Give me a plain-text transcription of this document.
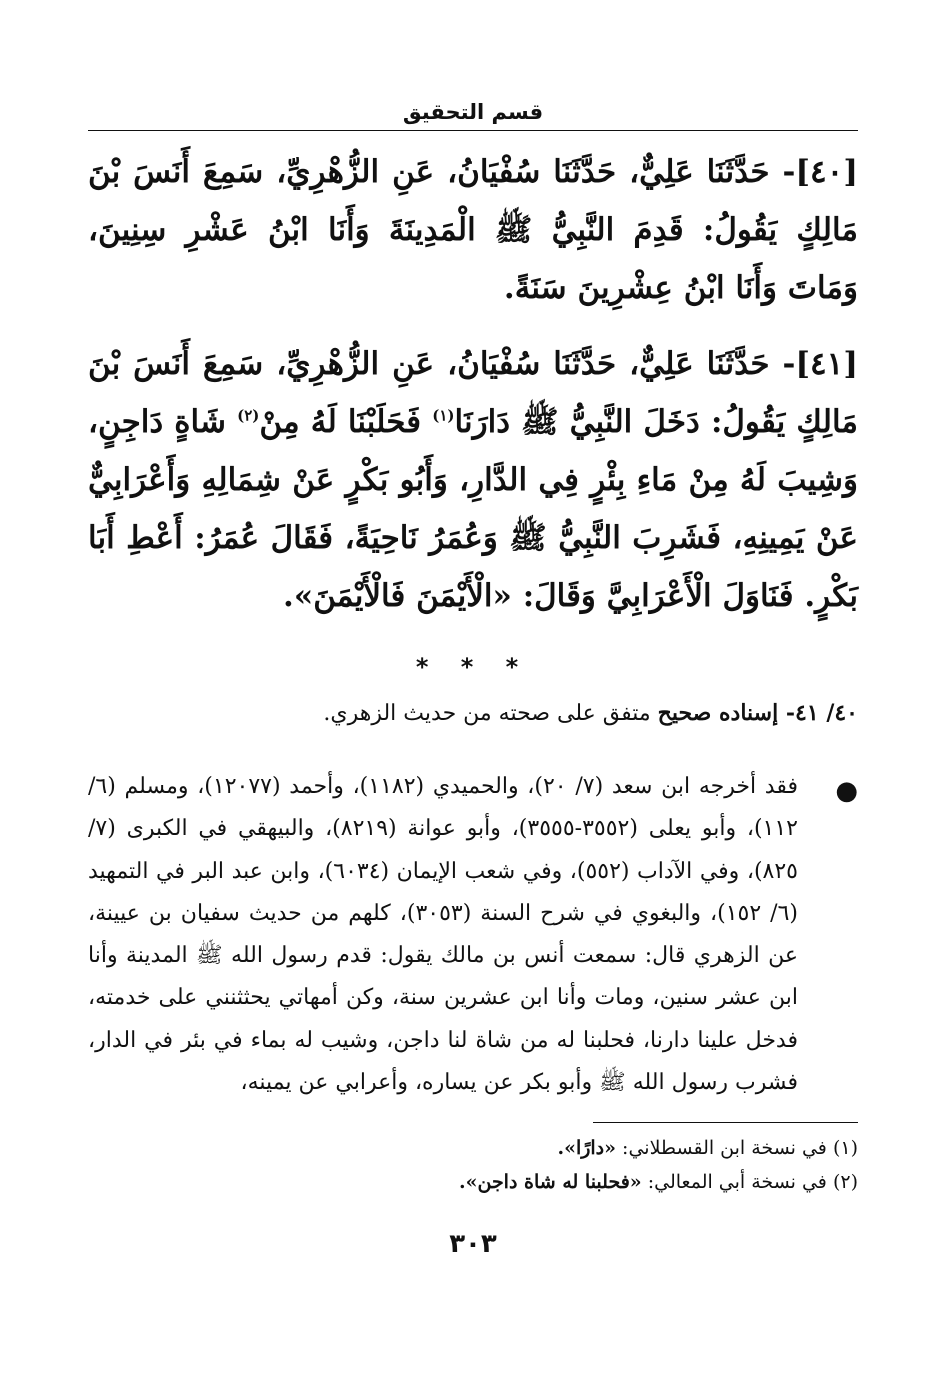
قسم التحقيق

[٤٠]- حَدَّثَنَا عَلِيٌّ، حَدَّثَنَا سُفْيَانُ، عَنِ الزُّهْرِيِّ، سَمِعَ أَنَسَ بْنَ مَالِكٍ يَقُولُ: قَدِمَ النَّبِيُّ ﷺ الْمَدِينَةَ وَأَنَا ابْنُ عَشْرِ سِنِينَ، وَمَاتَ وَأَنَا ابْنُ عِشْرِينَ سَنَةً.

[٤١]- حَدَّثَنَا عَلِيٌّ، حَدَّثَنَا سُفْيَانُ، عَنِ الزُّهْرِيِّ، سَمِعَ أَنَسَ بْنَ مَالِكٍ يَقُولُ: دَخَلَ النَّبِيُّ ﷺ دَارَنَا$^{(١)}$ فَحَلَبْنَا لَهُ مِنْ$^{(٢)}$ شَاةٍ دَاجِنٍ، وَشِيبَ لَهُ مِنْ مَاءِ بِئْرٍ فِي الدَّارِ، وَأَبُو بَكْرٍ عَنْ شِمَالِهِ وَأَعْرَابِيٌّ عَنْ يَمِينِهِ، فَشَرِبَ النَّبِيُّ ﷺ وَعُمَرُ نَاحِيَةً، فَقَالَ عُمَرُ: أَعْطِ أَبَا بَكْرٍ. فَنَاوَلَ الْأَعْرَابِيَّ وَقَالَ: «الْأَيْمَنَ فَالْأَيْمَنَ».

* * *
٤٠/ ٤١- إسناده صحيح متفق على صحته من حديث الزهري.
●
فقد أخرجه ابن سعد (٧/ ٢٠)، والحميدي (١١٨٢)، وأحمد (١٢٠٧٧)، ومسلم (٦/ ١١٢)، وأبو يعلى (٣٥٥٢-٣٥٥٥)، وأبو عوانة (٨٢١٩)، والبيهقي في الكبرى (٧/ ٨٢٥)، وفي الآداب (٥٥٢)، وفي شعب الإيمان (٦٠٣٤)، وابن عبد البر في التمهيد (٦/ ١٥٢)، والبغوي في شرح السنة (٣٠٥٣)، كلهم من حديث سفيان بن عيينة، عن الزهري قال: سمعت أنس بن مالك يقول: قدم رسول الله ﷺ المدينة وأنا ابن عشر سنين، ومات وأنا ابن عشرين سنة، وكن أمهاتي يحثثنني على خدمته، فدخل علينا دارنا، فحلبنا له من شاة لنا داجن، وشيب له بماء في بئر في الدار، فشرب رسول الله ﷺ وأبو بكر عن يساره، وأعرابي عن يمينه،
(١) في نسخة ابن القسطلاني: «دارًا».
(٢) في نسخة أبي المعالي: «فحلبنا له شاة داجن».
٣٠٣
